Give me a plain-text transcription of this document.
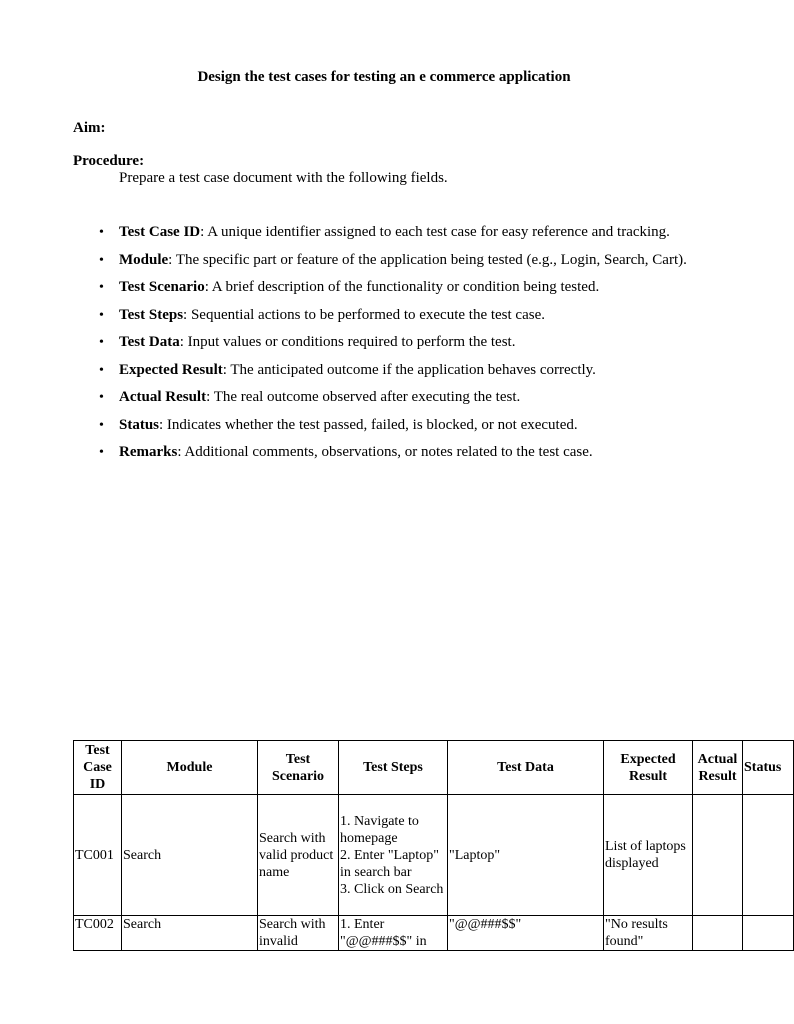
Design the test cases for testing an e commerce application
Aim:
Procedure:
Prepare a test case document with the following fields.
• Test Case ID: A unique identifier assigned to each test case for easy reference and tracking.
• Module: The specific part or feature of the application being tested (e.g., Login, Search, Cart).
• Test Scenario: A brief description of the functionality or condition being tested.
• Test Steps: Sequential actions to be performed to execute the test case.
• Test Data: Input values or conditions required to perform the test.
• Expected Result: The anticipated outcome if the application behaves correctly.
• Actual Result: The real outcome observed after executing the test.
• Status: Indicates whether the test passed, failed, is blocked, or not executed.
• Remarks: Additional comments, observations, or notes related to the test case.
Test Case ID	Module	Test Scenario	Test Steps	Test Data	Expected Result	Actual Result	Status
TC001	Search	Search with valid product name	1. Navigate to homepage
2. Enter "Laptop" in search bar
3. Click on Search	"Laptop"	List of laptops displayed		

TC002	Search	Search with invalid	1. Enter "@@###$$" in	"@@###$$"	"No results found"		
